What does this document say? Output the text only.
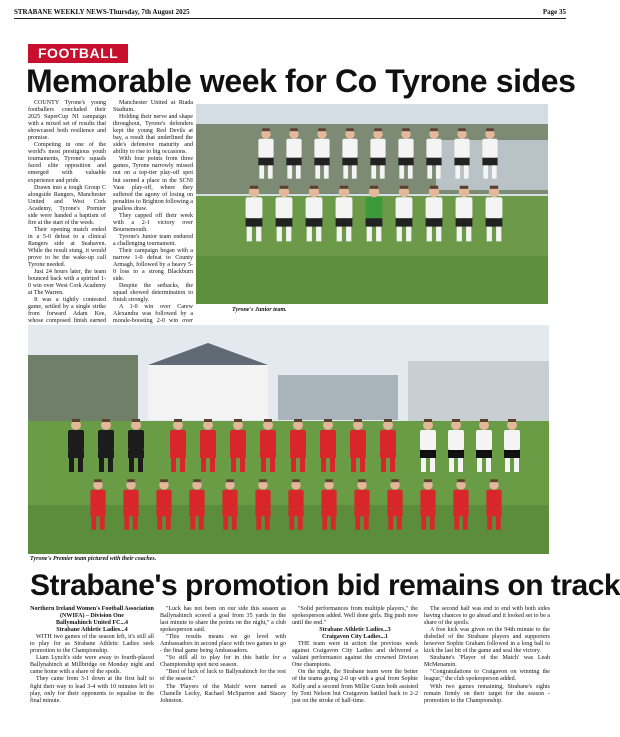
STRABANE WEEKLY NEWS-Thursday, 7th August 2025	Page 35
FOOTBALL
Memorable week for Co Tyrone sides

COUNTY Tyrone's young footballers concluded their 2025 SuperCup NI campaign with a mixed set of results that showcased both resilience and promise.

Competing in one of the world's most prestigious youth tournaments, Tyrone's squads faced elite opposition and emerged with valuable experience and pride.

Drawn into a tough Group C alongside Rangers, Manchester United and West Cork Academy, Tyrone's Premier side were handed a baptism of fire at the start of the week.

Their opening match ended in a 5-0 defeat to a clinical Rangers side at Seahaven. While the result stung, it would prove to be the wake-up call Tyrone needed.

Just 24 hours later, the team bounced back with a spirited 1-0 win over West Cork Academy at The Warren.

It was a tightly contested game, settled by a single strike from forward Adam Kee, whose composed finish earned

Manchester United at Riada Stadium.

Holding their nerve and shape throughout, Tyrone's defenders kept the young Red Devils at bay, a result that underlined the side's defensive maturity and ability to rise to big occasions.

With four points from three games, Tyrone narrowly missed out on a top-tier play-off spot but earned a place in the SCNI Vase play-off, where they suffered the agony of losing on penalties to Brighton following a goalless draw.

They capped off their week with a 2-1 victory over Bournemouth.

Tyrone's Junior team endured a challenging tournament.

Their campaign began with a narrow 1-0 defeat to County Armagh, followed by a heavy 5-0 loss to a strong Blackburn side.

Despite the setbacks, the squad showed determination to finish strongly.

A 1-0 win over Carew Alexandra was followed by a morale-boosting 2-0 win over

Tyrone's Junior team.
Tyrone's Premier team pictured with their coaches.
Strabane's promotion bid remains on track

Northern Ireland Women's Football Association (NWIFA) – Division One

Ballymahinch United FC...4

Strabane Athletic Ladies...4

WITH two games of the season left, it's still all to play for as Strabane Athletic Ladies seek promotion to the Championship.

Liam Lynch's side were away to fourth-placed Ballynahinch at Millbridge on Monday night and came home with a share of the spoils.

They came from 3-1 down at the first half to fight their way to lead 3-4 with 10 minutes left to play, only for their opponents to equalise in the final minute.

"Luck has not been on our side this season as Ballynahinch scored a goal from 35 yards in the last minute to share the points on the night," a club spokesperson said.

"This results means we go level with Ambassadors in second place with two games to go - the final game being Ambassadors.

"So still all to play for in this battle for a Championship spot next season.

"Best of luck of luck to Ballynahinch for the rest of the season."

The 'Players of the Match' were named as Chanelle Lecky, Rachael McSparron and Stacey Johnston.

"Solid performances from multiple players," the spokesperson added. Well done girls. Big push now until the end."

Strabane Athletic Ladies...3

Craigavon City Ladies...1

THE team were in action the previous week against Craigavon City Ladies and delivered a valiant performance against the crowned Divison One champions.

On the night, the Strabane team were the better of the teams going 2-0 up with a goal from Sophie Kelly and a second from Millie Gunn both assisted by Toni Nelson but Craigavon battled back to 2-2 just on the stroke of half-time.

The second half was end to end with both sides having chances to go ahead and it looked set to be a share of the spoils.

A free kick was given on the 94th minute to the disbelief of the Strabane players and supporters however Sophie Graham followed in a long ball to kick the last bit of the game and seal the victory.

Strabane's 'Player of the Match' was Leah McMenamin.

"Congratulations to Craigavon on winning the league," the club spokesperson added.

With two games remaining, Strabane's sights remain firmly on their target for the season - promotion to the Championship.
